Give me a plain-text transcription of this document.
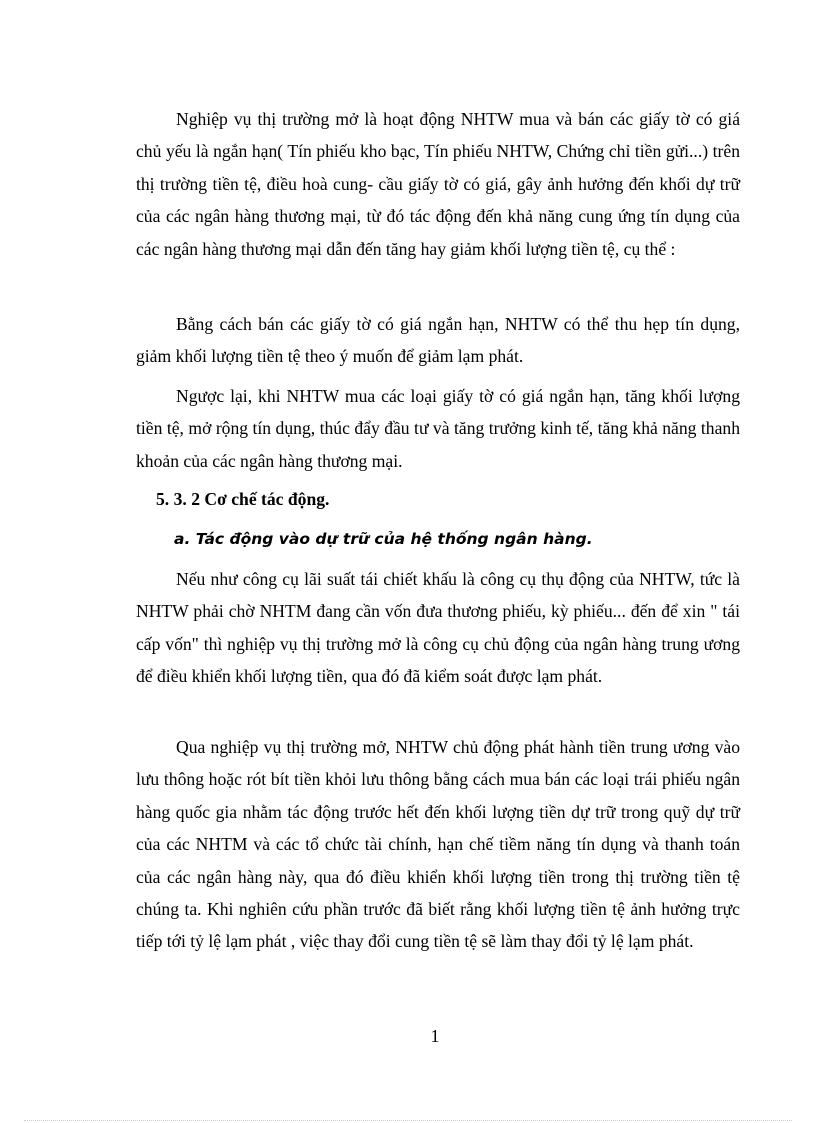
Nghiệp vụ thị trường mở là hoạt động NHTW mua và bán các giấy tờ có giá chủ yếu là ngắn hạn( Tín phiếu kho bạc, Tín phiếu NHTW, Chứng chỉ tiền gửi...) trên thị trường tiền tệ, điều hoà cung- cầu giấy tờ có giá, gây ảnh hưởng đến khối dự trữ của các ngân hàng thương mại, từ đó tác động đến khả năng cung ứng tín dụng của các ngân hàng thương mại dẫn đến tăng hay giảm khối lượng tiền tệ, cụ thể :

Bằng cách bán các giấy tờ có giá ngắn hạn, NHTW có thể thu hẹp tín dụng, giảm khối lượng tiền tệ theo ý muốn để giảm lạm phát.

Ngược lại, khi NHTW mua các loại giấy tờ có giá ngắn hạn, tăng khối lượng tiền tệ, mở rộng tín dụng, thúc đẩy đầu tư và tăng trưởng kinh tế, tăng khả năng thanh khoản của các ngân hàng thương mại.

5. 3. 2 Cơ chế tác động.
a. Tác động vào dự trữ của hệ thống ngân hàng.

Nếu như công cụ lãi suất tái chiết khấu là công cụ thụ động của NHTW, tức là NHTW phải chờ NHTM đang cần vốn đưa thương phiếu, kỳ phiếu... đến để xin " tái cấp vốn" thì nghiệp vụ thị trường mở là công cụ chủ động của ngân hàng trung ương để điều khiển khối lượng tiền, qua đó đã kiểm soát được lạm phát.

Qua nghiệp vụ thị trường mở, NHTW chủ động phát hành tiền trung ương vào lưu thông hoặc rót bít tiền khỏi lưu thông bằng cách mua bán các loại trái phiếu ngân hàng quốc gia nhằm tác động trước hết đến khối lượng tiền dự trữ trong quỹ dự trữ của các NHTM và các tổ chức tài chính, hạn chế tiềm năng tín dụng và thanh toán của các ngân hàng này, qua đó điều khiển khối lượng tiền trong thị trường tiền tệ chúng ta. Khi nghiên cứu phần trước đã biết rằng khối lượng tiền tệ ảnh hưởng trực tiếp tới tỷ lệ lạm phát , việc thay đổi cung tiền tệ sẽ làm thay đổi tỷ lệ lạm phát.

1
